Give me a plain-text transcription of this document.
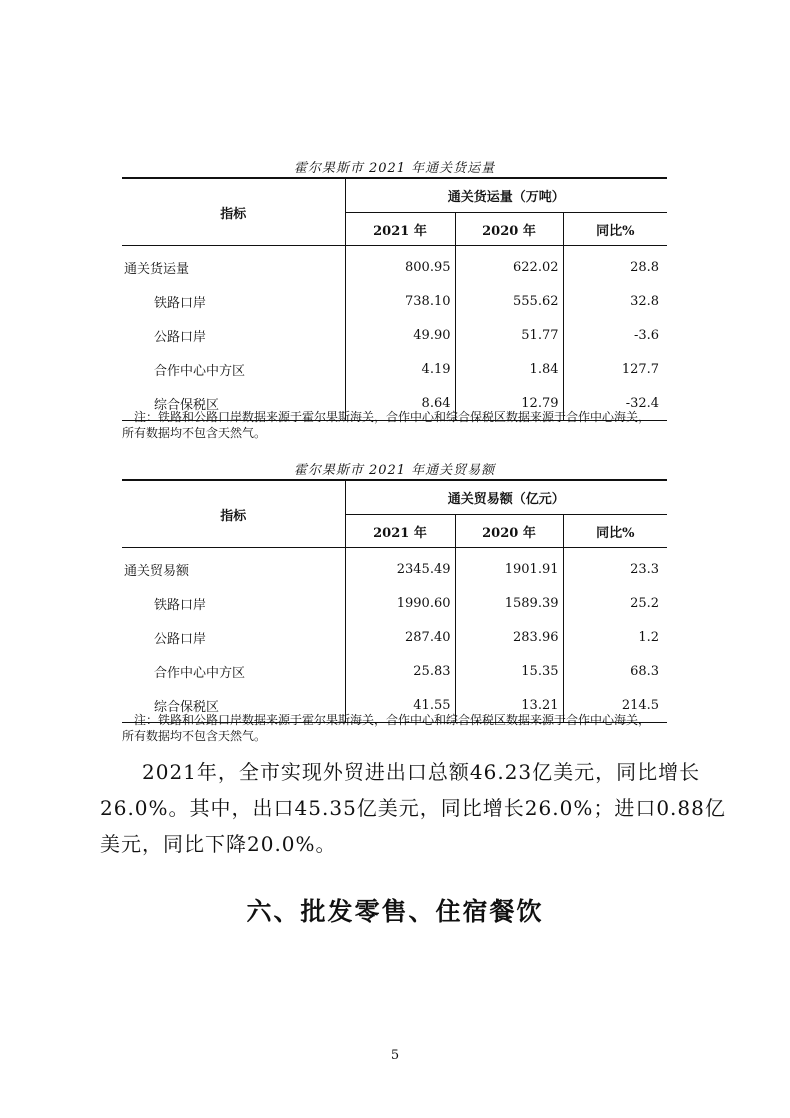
霍尔果斯市 2021 年通关货运量
指标	通关货运量（万吨）		
	2021 年	2020 年	同比%
通关货运量	800.95	622.02	28.8
铁路口岸	738.10	555.62	32.8
公路口岸	49.90	51.77	-3.6
合作中心中方区	4.19	1.84	127.7
综合保税区	8.64	12.79	-32.4
注：铁路和公路口岸数据来源于霍尔果斯海关，合作中心和综合保税区数据来源于合作中心海关，
所有数据均不包含天然气。
霍尔果斯市 2021 年通关贸易额
指标	通关贸易额（亿元）		
	2021 年	2020 年	同比%
通关贸易额	2345.49	1901.91	23.3
铁路口岸	1990.60	1589.39	25.2
公路口岸	287.40	283.96	1.2
合作中心中方区	25.83	15.35	68.3
综合保税区	41.55	13.21	214.5
注：铁路和公路口岸数据来源于霍尔果斯海关，合作中心和综合保税区数据来源于合作中心海关，
所有数据均不包含天然气。
2021年，全市实现外贸进出口总额46.23亿美元，同比增长
26.0%。其中，出口45.35亿美元，同比增长26.0%；进口0.88亿
美元，同比下降20.0%。
六、批发零售、住宿餐饮
5
